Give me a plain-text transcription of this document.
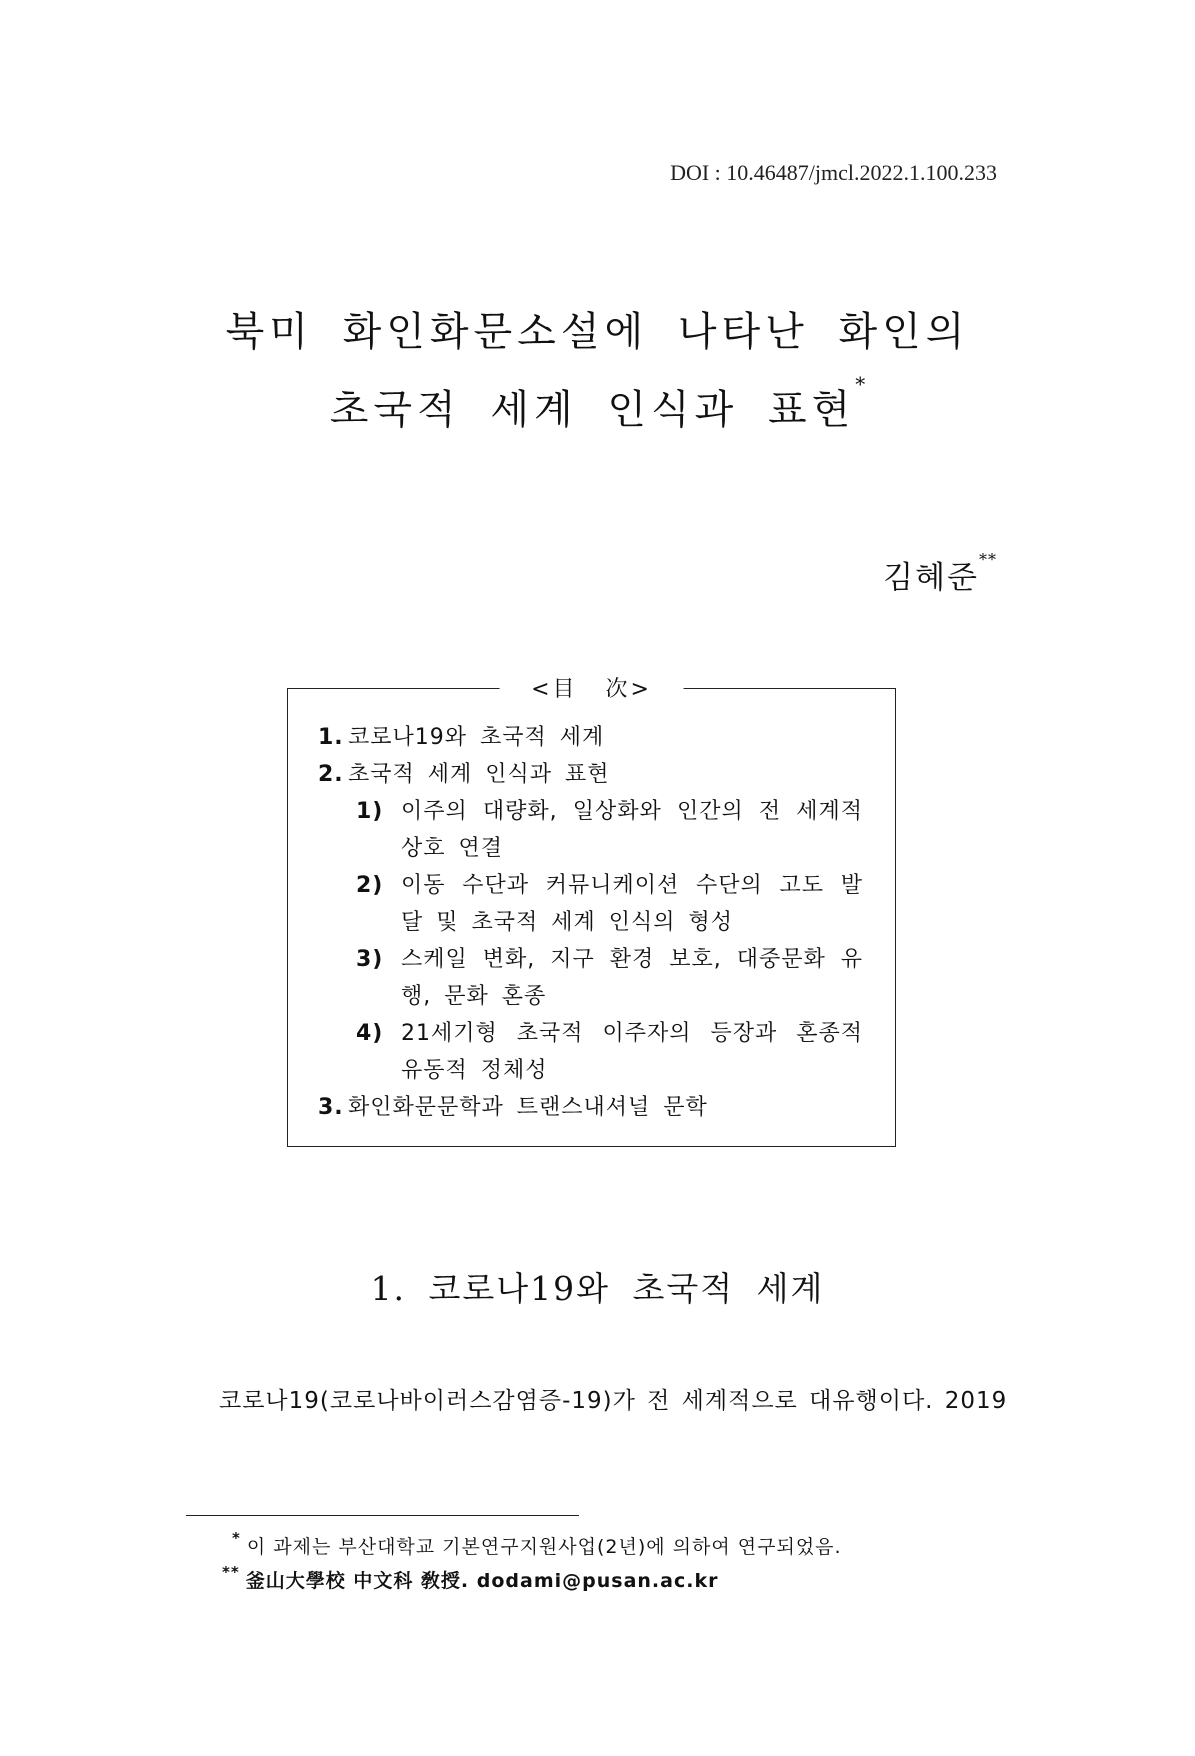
DOI : 10.46487/jmcl.2022.1.100.233
북미 화인화문소설에 나타난 화인의
초국적 세계 인식과 표현*
김혜준**
<目 次>
1. 코로나19와 초국적 세계
2. 초국적 세계 인식과 표현
1) 이주의 대량화, 일상화와 인간의 전 세계적 상호 연결
2) 이동 수단과 커뮤니케이션 수단의 고도 발달 및 초국적 세계 인식의 형성
3) 스케일 변화, 지구 환경 보호, 대중문화 유행, 문화 혼종
4) 21세기형 초국적 이주자의 등장과 혼종적 유동적 정체성
3. 화인화문문학과 트랜스내셔널 문학
1. 코로나19와 초국적 세계
코로나19(코로나바이러스감염증-19)가 전 세계적으로 대유행이다. 2019
* 이 과제는 부산대학교 기본연구지원사업(2년)에 의하여 연구되었음.
** 釜山大學校 中文科 敎授. dodami@pusan.ac.kr
